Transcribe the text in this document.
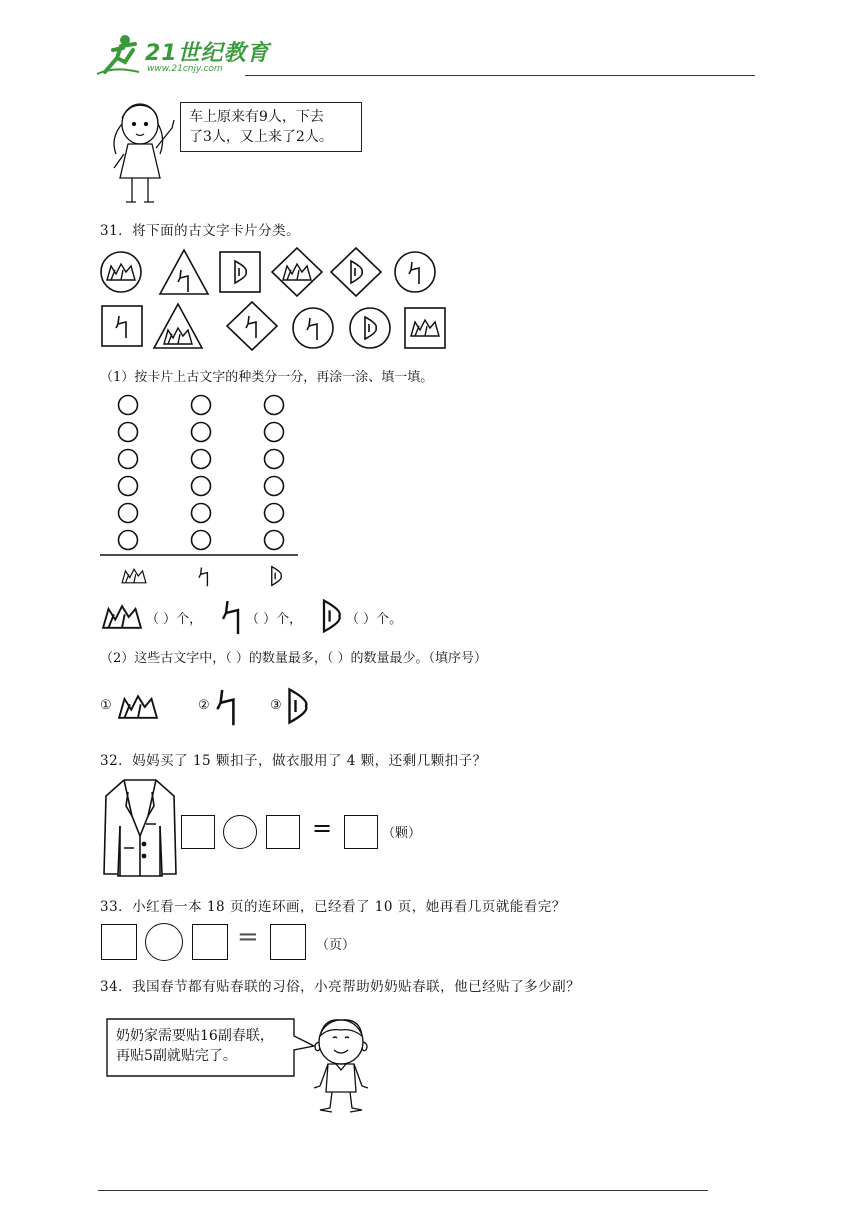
21世纪教育
www.21cnjy.com
车上原来有9人，下去
了3人，又上来了2人。
31．将下面的古文字卡片分类。
（1）按卡片上古文字的种类分一分，再涂一涂、填一填。
（ ）个，	（ ）个，	（ ）个。
（2）这些古文字中，（ ）的数量最多，（ ）的数量最少。（填序号）
①	②	③
32．妈妈买了 15 颗扣子，做衣服用了 4 颗，还剩几颗扣子？
=	（颗）
33．小红看一本 18 页的连环画，已经看了 10 页，她再看几页就能看完？
=	（页）
34．我国春节都有贴春联的习俗，小亮帮助奶奶贴春联，他已经贴了多少副？
奶奶家需要贴16副春联，
再贴5副就贴完了。
